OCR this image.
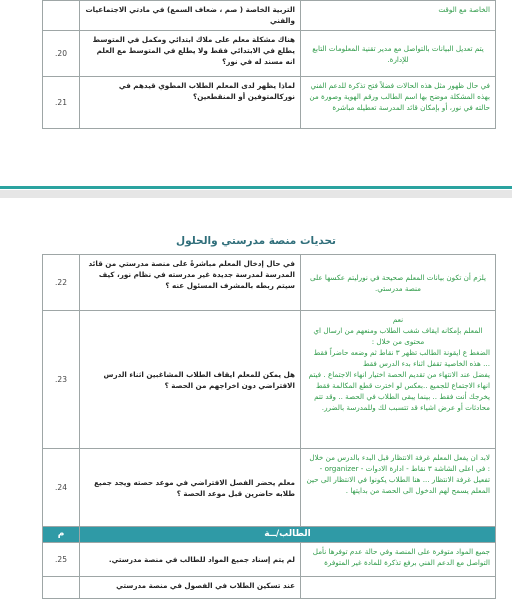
الخاصة مع الوقت	التربية الخاصة ( صم ، ضعاف السمع) في مادتي الاجتماعيات والفني	
يتم تعديل البيانات بالتواصل مع مدير تقنية المعلومات التابع للإدارة.	هناك مشكلة معلم على ملاك ابتدائي ومكمل في المتوسط يطلع في الابتدائي فقط ولا يطلع في المتوسط مع العلم انه مسند له في نور؟	20.
في حال ظهور مثل هذه الحالات فضلاً فتح تذكرة للدعم الفني بهذه المشكلة موضح بها اسم الطالب ورقم الهوية وصورة من حالته في نور، أو بإمكان قائد المدرسة تعطيله مباشرة	لماذا يظهر لدى المعلم الطلاب المطوي قيدهم في نوركالمتوفين أو المنقطعين؟	21.
تحديات منصة مدرستي والحلول
يلزم أن تكون بيانات المعلم صحيحة في نورليتم عكسها على منصة مدرستي.	في حال إدخال المعلم مباشرةً على منصة مدرستي من قائد المدرسة لمدرسة جديدة غير مدرسته في نظام نور، كيف سيتم ربطه بالمشرف المسئول عنه ؟	22.

نعم
المعلم بإمكانه ايقاف شغب الطلاب ومنعهم من ارسال اي محتوى من خلال :
الضغط ع ايقونة الطالب تظهر ٣ نقاط ثم وضعه حاضراً فقط ... هذه الخاصية تقفل اثناء بدء الدرس فقط
يفضل عند الانتهاء من تقديم الحصة اختيار انهاء الاجتماع . فيتم انهاء الاجتماع للجميع ..بعكس لو اخترت قطع المكالمة فقط يخرجك أنت فقط .. بينما يبقى الطلاب في الحصة .. وقد تتم محادثات أو عرض اشياء قد تتسبب لك وللمدرسة بالضرر.	هل يمكن للمعلم ايقاف الطلاب المشاغبين اثناء الدرس الافتراضي دون اخراجهم من الحصة ؟	23.
لابد ان يفعل المعلم غرفة الانتظار قبل البدء بالدرس من خلال : في اعلى الشاشة ٣ نقاط - ادارة الادوات - organizer - تفعيل غرفة الانتظار ... هنا الطلاب يكونوا في الانتظار الى حين المعلم يسمح لهم الدخول الى الحصة من بدايتها .	معلم يحضر الفصل الافتراضي في موعد حصته ويجد جميع طلابه حاضرين قبل موعد الحصة ؟	24.
الطالب/ــة		م
جميع المواد متوفرة على المنصة وفي حالة عدم توفرها نأمل التواصل مع الدعم الفني برفع تذكرة للمادة غير المتوفرة	لم يتم إسناد جميع المواد للطالب في منصة مدرستي.	25.
	عند تسكين الطلاب في الفصول في منصة مدرستي	
